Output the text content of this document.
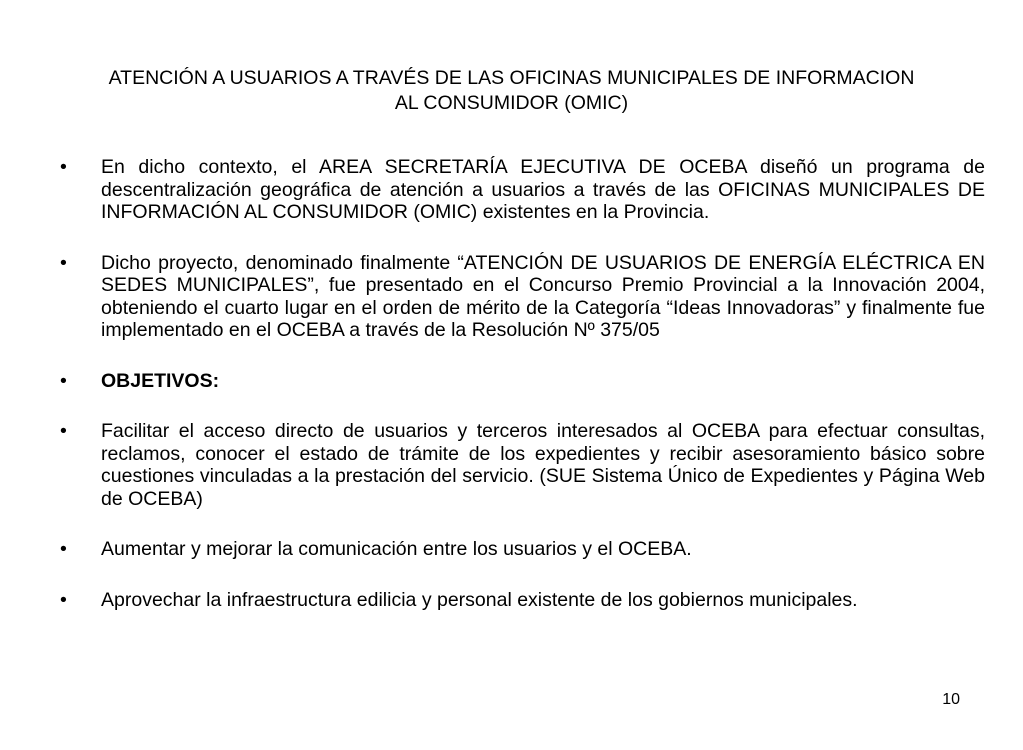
ATENCIÓN A USUARIOS A TRAVÉS DE LAS OFICINAS MUNICIPALES DE INFORMACION
AL CONSUMIDOR (OMIC)
•	En dicho contexto, el AREA SECRETARÍA EJECUTIVA DE OCEBA diseñó un programa de descentralización geográfica de atención a usuarios a través de las OFICINAS MUNICIPALES DE INFORMACIÓN AL CONSUMIDOR (OMIC) existentes en la Provincia.
•	Dicho proyecto, denominado finalmente “ATENCIÓN DE USUARIOS DE ENERGÍA ELÉCTRICA EN SEDES MUNICIPALES”, fue presentado en el Concurso Premio Provincial a la Innovación 2004, obteniendo el cuarto lugar en el orden de mérito de la Categoría “Ideas Innovadoras” y finalmente fue implementado en el OCEBA a través de la Resolución Nº 375/05
•	OBJETIVOS:
•	Facilitar el acceso directo de usuarios y terceros interesados al OCEBA para efectuar consultas, reclamos, conocer el estado de trámite de los expedientes y recibir asesoramiento básico sobre cuestiones vinculadas a la prestación del servicio. (SUE Sistema Único de Expedientes y Página Web de OCEBA)
•	Aumentar y mejorar la comunicación entre los usuarios y el OCEBA.
•	Aprovechar la infraestructura edilicia y personal existente de los gobiernos municipales.
10
